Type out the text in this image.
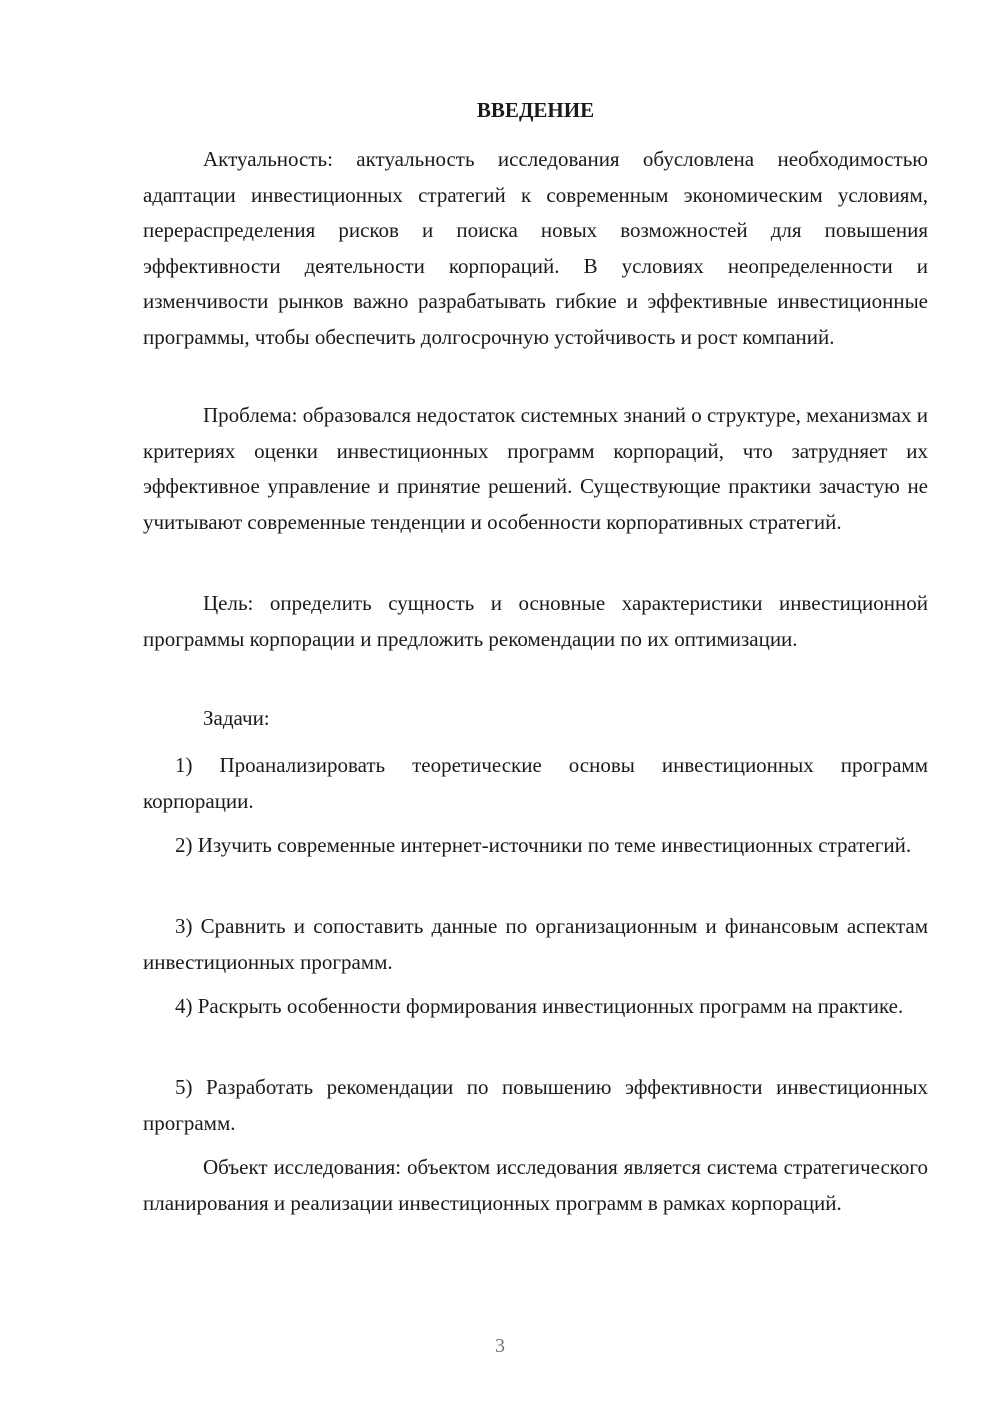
ВВЕДЕНИЕ

Актуальность: актуальность исследования обусловлена необходимостью адаптации инвестиционных стратегий к современным экономическим условиям, перераспределения рисков и поиска новых возможностей для повышения эффективности деятельности корпораций. В условиях неопределенности и изменчивости рынков важно разрабатывать гибкие и эффективные инвестиционные программы, чтобы обеспечить долгосрочную устойчивость и рост компаний.

Проблема: образовался недостаток системных знаний о структуре, механизмах и критериях оценки инвестиционных программ корпораций, что затрудняет их эффективное управление и принятие решений. Существующие практики зачастую не учитывают современные тенденции и особенности корпоративных стратегий.

Цель: определить сущность и основные характеристики инвестиционной программы корпорации и предложить рекомендации по их оптимизации.

Задачи:

1) Проанализировать теоретические основы инвестиционных программ корпорации.

2) Изучить современные интернет-источники по теме инвестиционных стратегий.

3) Сравнить и сопоставить данные по организационным и финансовым аспектам инвестиционных программ.

4) Раскрыть особенности формирования инвестиционных программ на практике.

5) Разработать рекомендации по повышению эффективности инвестиционных программ.

Объект исследования: объектом исследования является система стратегического планирования и реализации инвестиционных программ в рамках корпораций.

3
